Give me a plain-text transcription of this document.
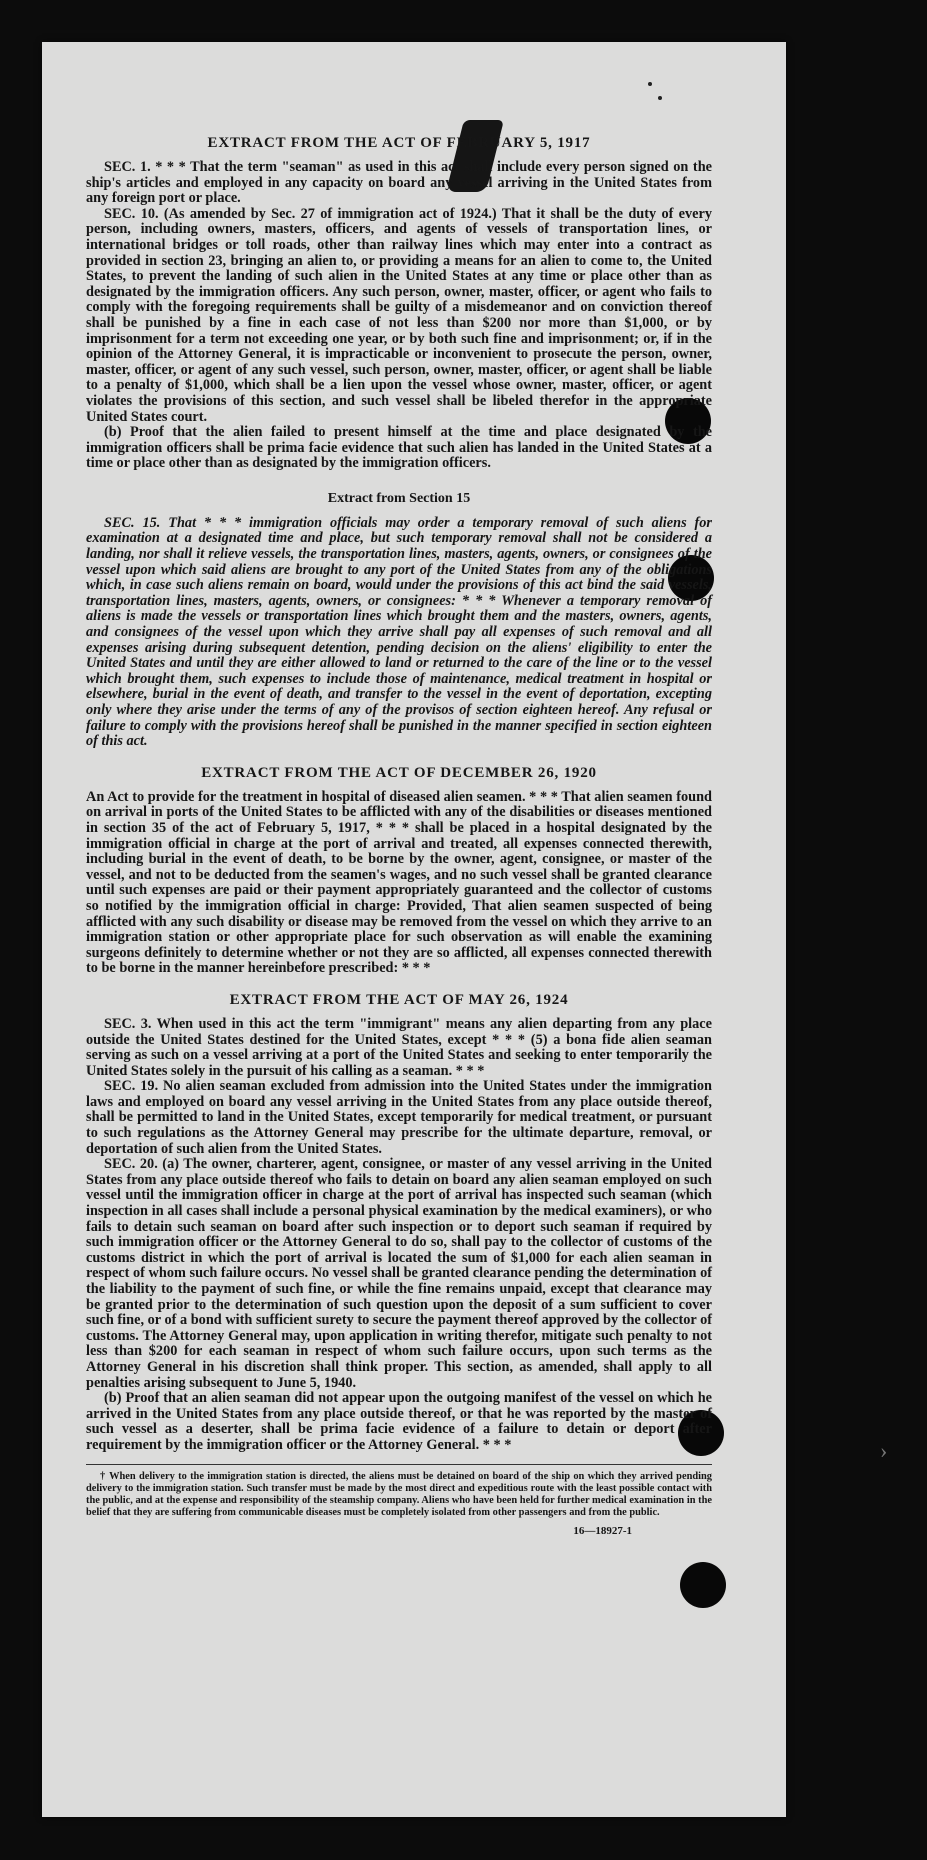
›
EXTRACT FROM THE ACT OF FEBRUARY 5, 1917

SEC. 1. * * * That the term "seaman" as used in this act shall include every person signed on the ship's articles and employed in any capacity on board any vessel arriving in the United States from any foreign port or place.

SEC. 10. (As amended by Sec. 27 of immigration act of 1924.) That it shall be the duty of every person, including owners, masters, officers, and agents of vessels of transportation lines, or international bridges or toll roads, other than railway lines which may enter into a contract as provided in section 23, bringing an alien to, or providing a means for an alien to come to, the United States, to prevent the landing of such alien in the United States at any time or place other than as designated by the immigration officers. Any such person, owner, master, officer, or agent who fails to comply with the foregoing requirements shall be guilty of a misdemeanor and on conviction thereof shall be punished by a fine in each case of not less than $200 nor more than $1,000, or by imprisonment for a term not exceeding one year, or by both such fine and imprisonment; or, if in the opinion of the Attorney General, it is impracticable or inconvenient to prosecute the person, owner, master, officer, or agent of any such vessel, such person, owner, master, officer, or agent shall be liable to a penalty of $1,000, which shall be a lien upon the vessel whose owner, master, officer, or agent violates the provisions of this section, and such vessel shall be libeled therefor in the appropriate United States court.

(b) Proof that the alien failed to present himself at the time and place designated by the immigration officers shall be prima facie evidence that such alien has landed in the United States at a time or place other than as designated by the immigration officers.

Extract from Section 15

SEC. 15. That * * * immigration officials may order a temporary removal of such aliens for examination at a designated time and place, but such temporary removal shall not be considered a landing, nor shall it relieve vessels, the transportation lines, masters, agents, owners, or consignees of the vessel upon which said aliens are brought to any port of the United States from any of the obligations which, in case such aliens remain on board, would under the provisions of this act bind the said vessels, transportation lines, masters, agents, owners, or consignees: * * * Whenever a temporary removal of aliens is made the vessels or transportation lines which brought them and the masters, owners, agents, and consignees of the vessel upon which they arrive shall pay all expenses of such removal and all expenses arising during subsequent detention, pending decision on the aliens' eligibility to enter the United States and until they are either allowed to land or returned to the care of the line or to the vessel which brought them, such expenses to include those of maintenance, medical treatment in hospital or elsewhere, burial in the event of death, and transfer to the vessel in the event of deportation, excepting only where they arise under the terms of any of the provisos of section eighteen hereof. Any refusal or failure to comply with the provisions hereof shall be punished in the manner specified in section eighteen of this act.

EXTRACT FROM THE ACT OF DECEMBER 26, 1920

An Act to provide for the treatment in hospital of diseased alien seamen. * * * That alien seamen found on arrival in ports of the United States to be afflicted with any of the disabilities or diseases mentioned in section 35 of the act of February 5, 1917, * * * shall be placed in a hospital designated by the immigration official in charge at the port of arrival and treated, all expenses connected therewith, including burial in the event of death, to be borne by the owner, agent, consignee, or master of the vessel, and not to be deducted from the seamen's wages, and no such vessel shall be granted clearance until such expenses are paid or their payment appropriately guaranteed and the collector of customs so notified by the immigration official in charge: Provided, That alien seamen suspected of being afflicted with any such disability or disease may be removed from the vessel on which they arrive to an immigration station or other appropriate place for such observation as will enable the examining surgeons definitely to determine whether or not they are so afflicted, all expenses connected therewith to be borne in the manner hereinbefore prescribed: * * *

EXTRACT FROM THE ACT OF MAY 26, 1924

SEC. 3. When used in this act the term "immigrant" means any alien departing from any place outside the United States destined for the United States, except * * * (5) a bona fide alien seaman serving as such on a vessel arriving at a port of the United States and seeking to enter temporarily the United States solely in the pursuit of his calling as a seaman. * * *

SEC. 19. No alien seaman excluded from admission into the United States under the immigration laws and employed on board any vessel arriving in the United States from any place outside thereof, shall be permitted to land in the United States, except temporarily for medical treatment, or pursuant to such regulations as the Attorney General may prescribe for the ultimate departure, removal, or deportation of such alien from the United States.

SEC. 20. (a) The owner, charterer, agent, consignee, or master of any vessel arriving in the United States from any place outside thereof who fails to detain on board any alien seaman employed on such vessel until the immigration officer in charge at the port of arrival has inspected such seaman (which inspection in all cases shall include a personal physical examination by the medical examiners), or who fails to detain such seaman on board after such inspection or to deport such seaman if required by such immigration officer or the Attorney General to do so, shall pay to the collector of customs of the customs district in which the port of arrival is located the sum of $1,000 for each alien seaman in respect of whom such failure occurs. No vessel shall be granted clearance pending the determination of the liability to the payment of such fine, or while the fine remains unpaid, except that clearance may be granted prior to the determination of such question upon the deposit of a sum sufficient to cover such fine, or of a bond with sufficient surety to secure the payment thereof approved by the collector of customs. The Attorney General may, upon application in writing therefor, mitigate such penalty to not less than $200 for each seaman in respect of whom such failure occurs, upon such terms as the Attorney General in his discretion shall think proper. This section, as amended, shall apply to all penalties arising subsequent to June 5, 1940.

(b) Proof that an alien seaman did not appear upon the outgoing manifest of the vessel on which he arrived in the United States from any place outside thereof, or that he was reported by the master of such vessel as a deserter, shall be prima facie evidence of a failure to detain or deport after requirement by the immigration officer or the Attorney General. * * *

† When delivery to the immigration station is directed, the aliens must be detained on board of the ship on which they arrived pending delivery to the immigration station. Such transfer must be made by the most direct and expeditious route with the least possible contact with the public, and at the expense and responsibility of the steamship company. Aliens who have been held for further medical examination in the belief that they are suffering from communicable diseases must be completely isolated from other passengers and from the public.

16—18927-1
